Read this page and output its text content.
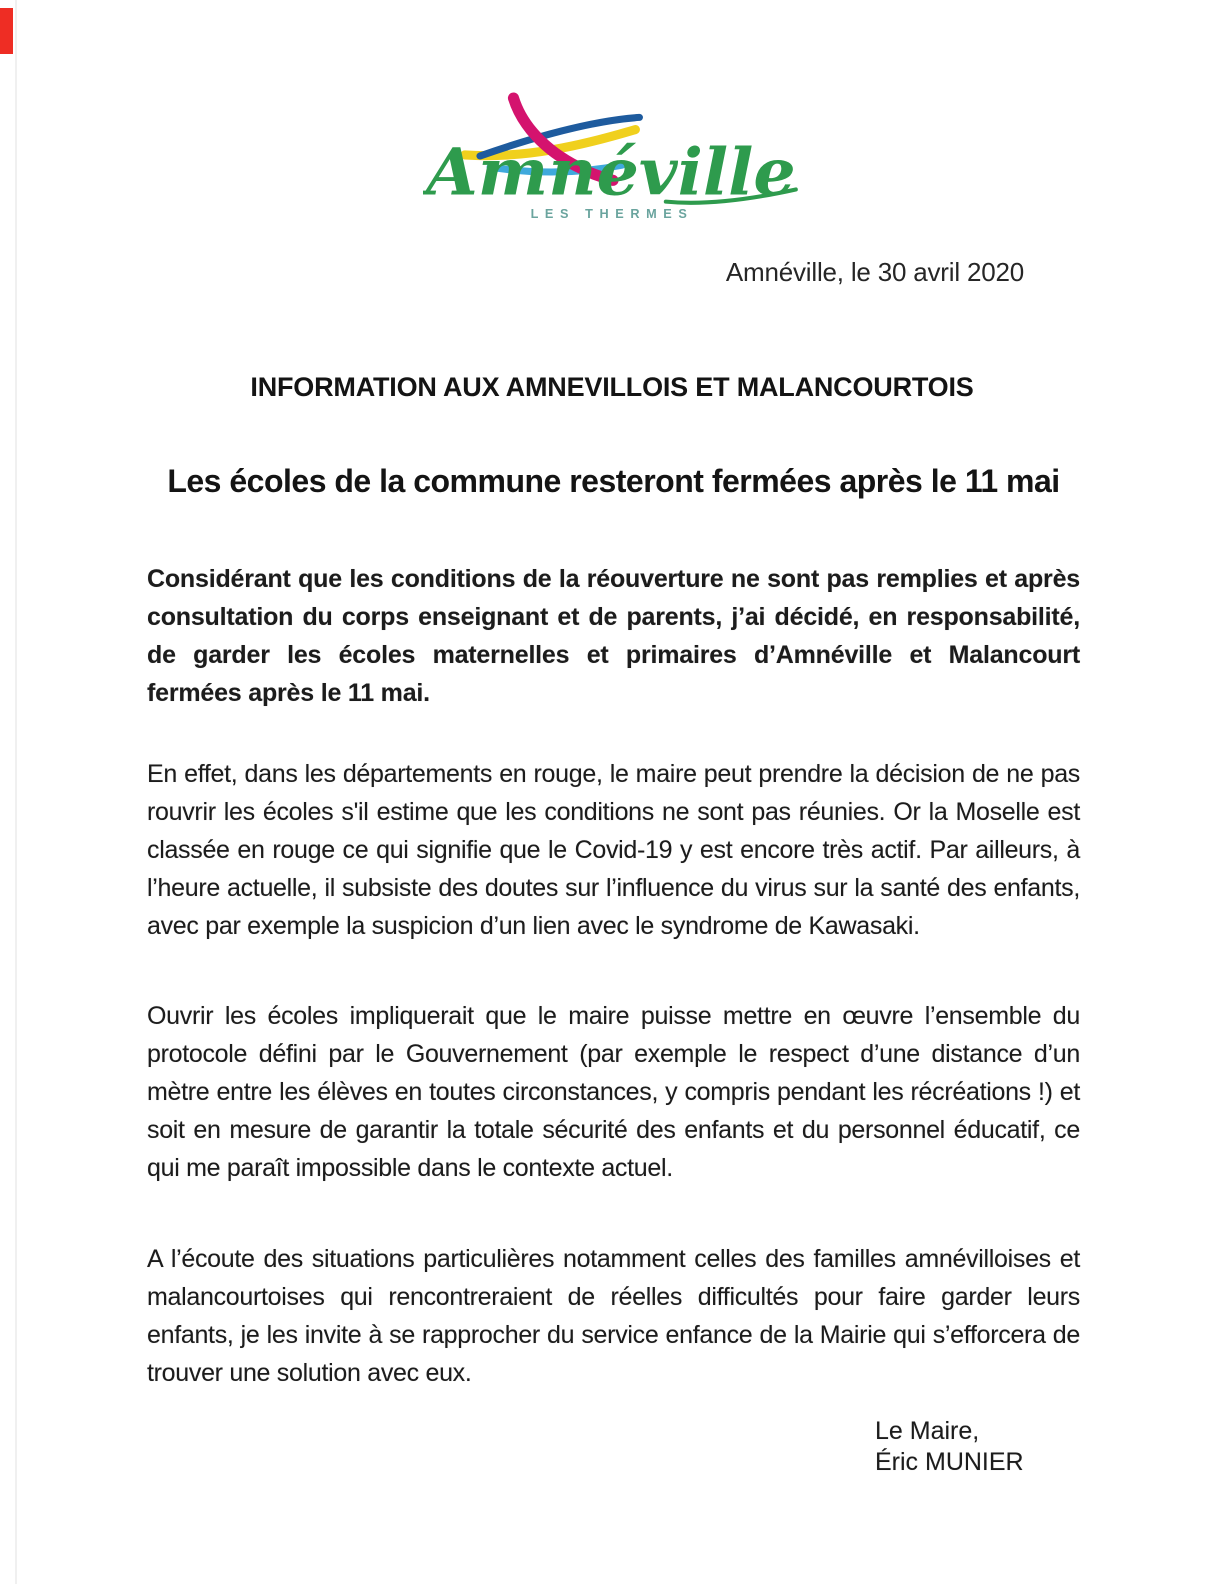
Amnéville
LES THERMES
Amnéville, le 30 avril 2020
INFORMATION AUX AMNEVILLOIS ET MALANCOURTOIS
Les écoles de la commune resteront fermées après le 11 mai

Considérant que les conditions de la réouverture ne sont pas remplies et après consultation du corps enseignant et de parents, j’ai décidé, en responsabilité, de garder les écoles maternelles et primaires d’Amnéville et Malancourt fermées après le 11 mai.

En effet, dans les départements en rouge, le maire peut prendre la décision de ne pas rouvrir les écoles s'il estime que les conditions ne sont pas réunies. Or la Moselle est classée en rouge ce qui signifie que le Covid-19 y est encore très actif. Par ailleurs, à l’heure actuelle, il subsiste des doutes sur l’influence du virus sur la santé des enfants, avec par exemple la suspicion d’un lien avec le syndrome de Kawasaki.

Ouvrir les écoles impliquerait que le maire puisse mettre en œuvre l’ensemble du protocole défini par le Gouvernement (par exemple le respect d’une distance d’un mètre entre les élèves en toutes circonstances, y compris pendant les récréations !) et soit en mesure de garantir la totale sécurité des enfants et du personnel éducatif, ce qui me paraît impossible dans le contexte actuel.

A l’écoute des situations particulières notamment celles des familles amnévilloises et malancourtoises qui rencontreraient de réelles difficultés pour faire garder leurs enfants, je les invite à se rapprocher du service enfance de la Mairie qui s’efforcera de trouver une solution avec eux.

Le Maire,
Éric MUNIER
